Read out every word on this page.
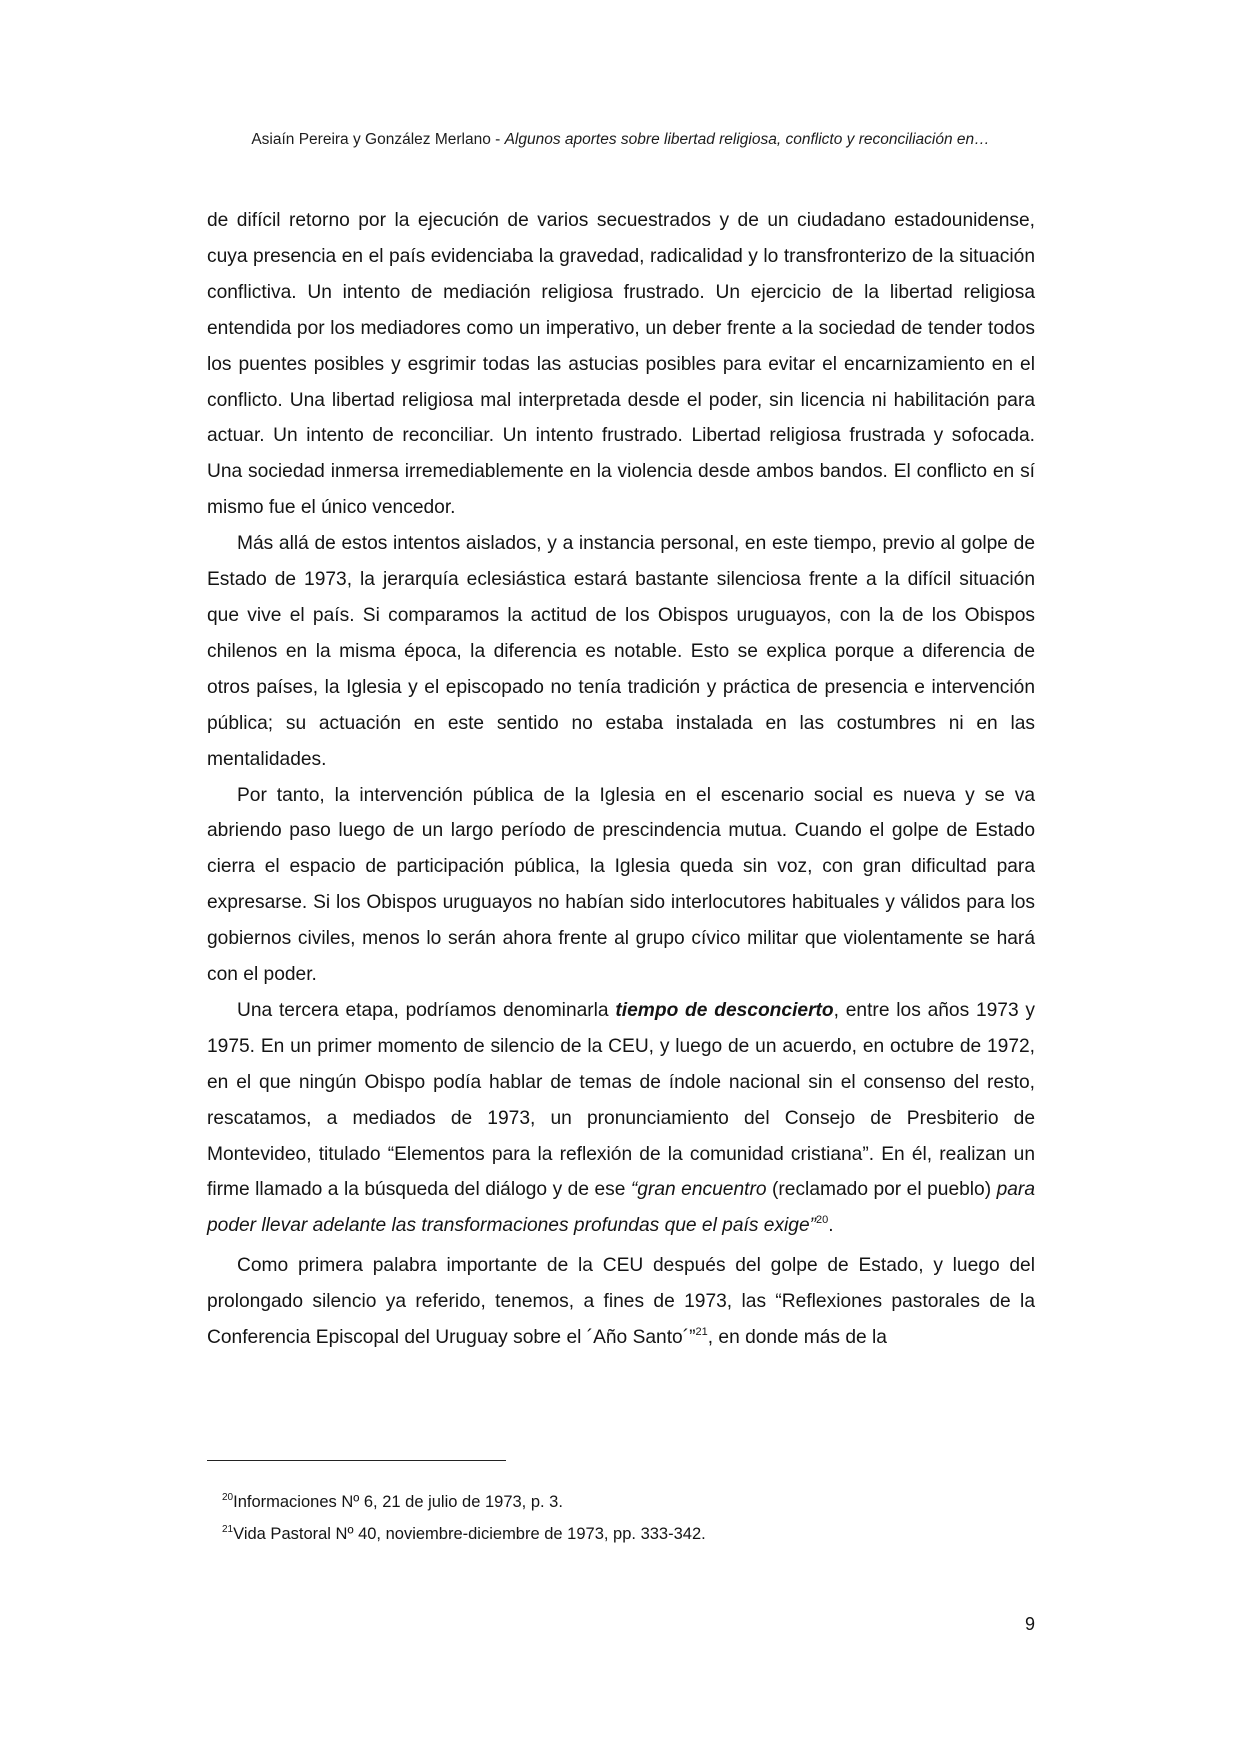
Asiaín Pereira y González Merlano - Algunos aportes sobre libertad religiosa, conflicto y reconciliación en…

de difícil retorno por la ejecución de varios secuestrados y de un ciudadano estadounidense, cuya presencia en el país evidenciaba la gravedad, radicalidad y lo transfronterizo de la situación conflictiva. Un intento de mediación religiosa frustrado. Un ejercicio de la libertad religiosa entendida por los mediadores como un imperativo, un deber frente a la sociedad de tender todos los puentes posibles y esgrimir todas las astucias posibles para evitar el encarnizamiento en el conflicto. Una libertad religiosa mal interpretada desde el poder, sin licencia ni habilitación para actuar. Un intento de reconciliar. Un intento frustrado. Libertad religiosa frustrada y sofocada. Una sociedad inmersa irremediablemente en la violencia desde ambos bandos. El conflicto en sí mismo fue el único vencedor.

Más allá de estos intentos aislados, y a instancia personal, en este tiempo, previo al golpe de Estado de 1973, la jerarquía eclesiástica estará bastante silenciosa frente a la difícil situación que vive el país. Si comparamos la actitud de los Obispos uruguayos, con la de los Obispos chilenos en la misma época, la diferencia es notable. Esto se explica porque a diferencia de otros países, la Iglesia y el episcopado no tenía tradición y práctica de presencia e intervención pública; su actuación en este sentido no estaba instalada en las costumbres ni en las mentalidades.

Por tanto, la intervención pública de la Iglesia en el escenario social es nueva y se va abriendo paso luego de un largo período de prescindencia mutua. Cuando el golpe de Estado cierra el espacio de participación pública, la Iglesia queda sin voz, con gran dificultad para expresarse. Si los Obispos uruguayos no habían sido interlocutores habituales y válidos para los gobiernos civiles, menos lo serán ahora frente al grupo cívico militar que violentamente se hará con el poder.

Una tercera etapa, podríamos denominarla tiempo de desconcierto, entre los años 1973 y 1975. En un primer momento de silencio de la CEU, y luego de un acuerdo, en octubre de 1972, en el que ningún Obispo podía hablar de temas de índole nacional sin el consenso del resto, rescatamos, a mediados de 1973, un pronunciamiento del Consejo de Presbiterio de Montevideo, titulado “Elementos para la reflexión de la comunidad cristiana”. En él, realizan un firme llamado a la búsqueda del diálogo y de ese “gran encuentro (reclamado por el pueblo) para poder llevar adelante las transformaciones profundas que el país exige”$^{20}$.

Como primera palabra importante de la CEU después del golpe de Estado, y luego del prolongado silencio ya referido, tenemos, a fines de 1973, las “Reflexiones pastorales de la Conferencia Episcopal del Uruguay sobre el ´Año Santo´”$^{21}$, en donde más de la

$^{20}$Informaciones Nº 6, 21 de julio de 1973, p. 3.
$^{21}$Vida Pastoral Nº 40, noviembre-diciembre de 1973, pp. 333-342.
9
